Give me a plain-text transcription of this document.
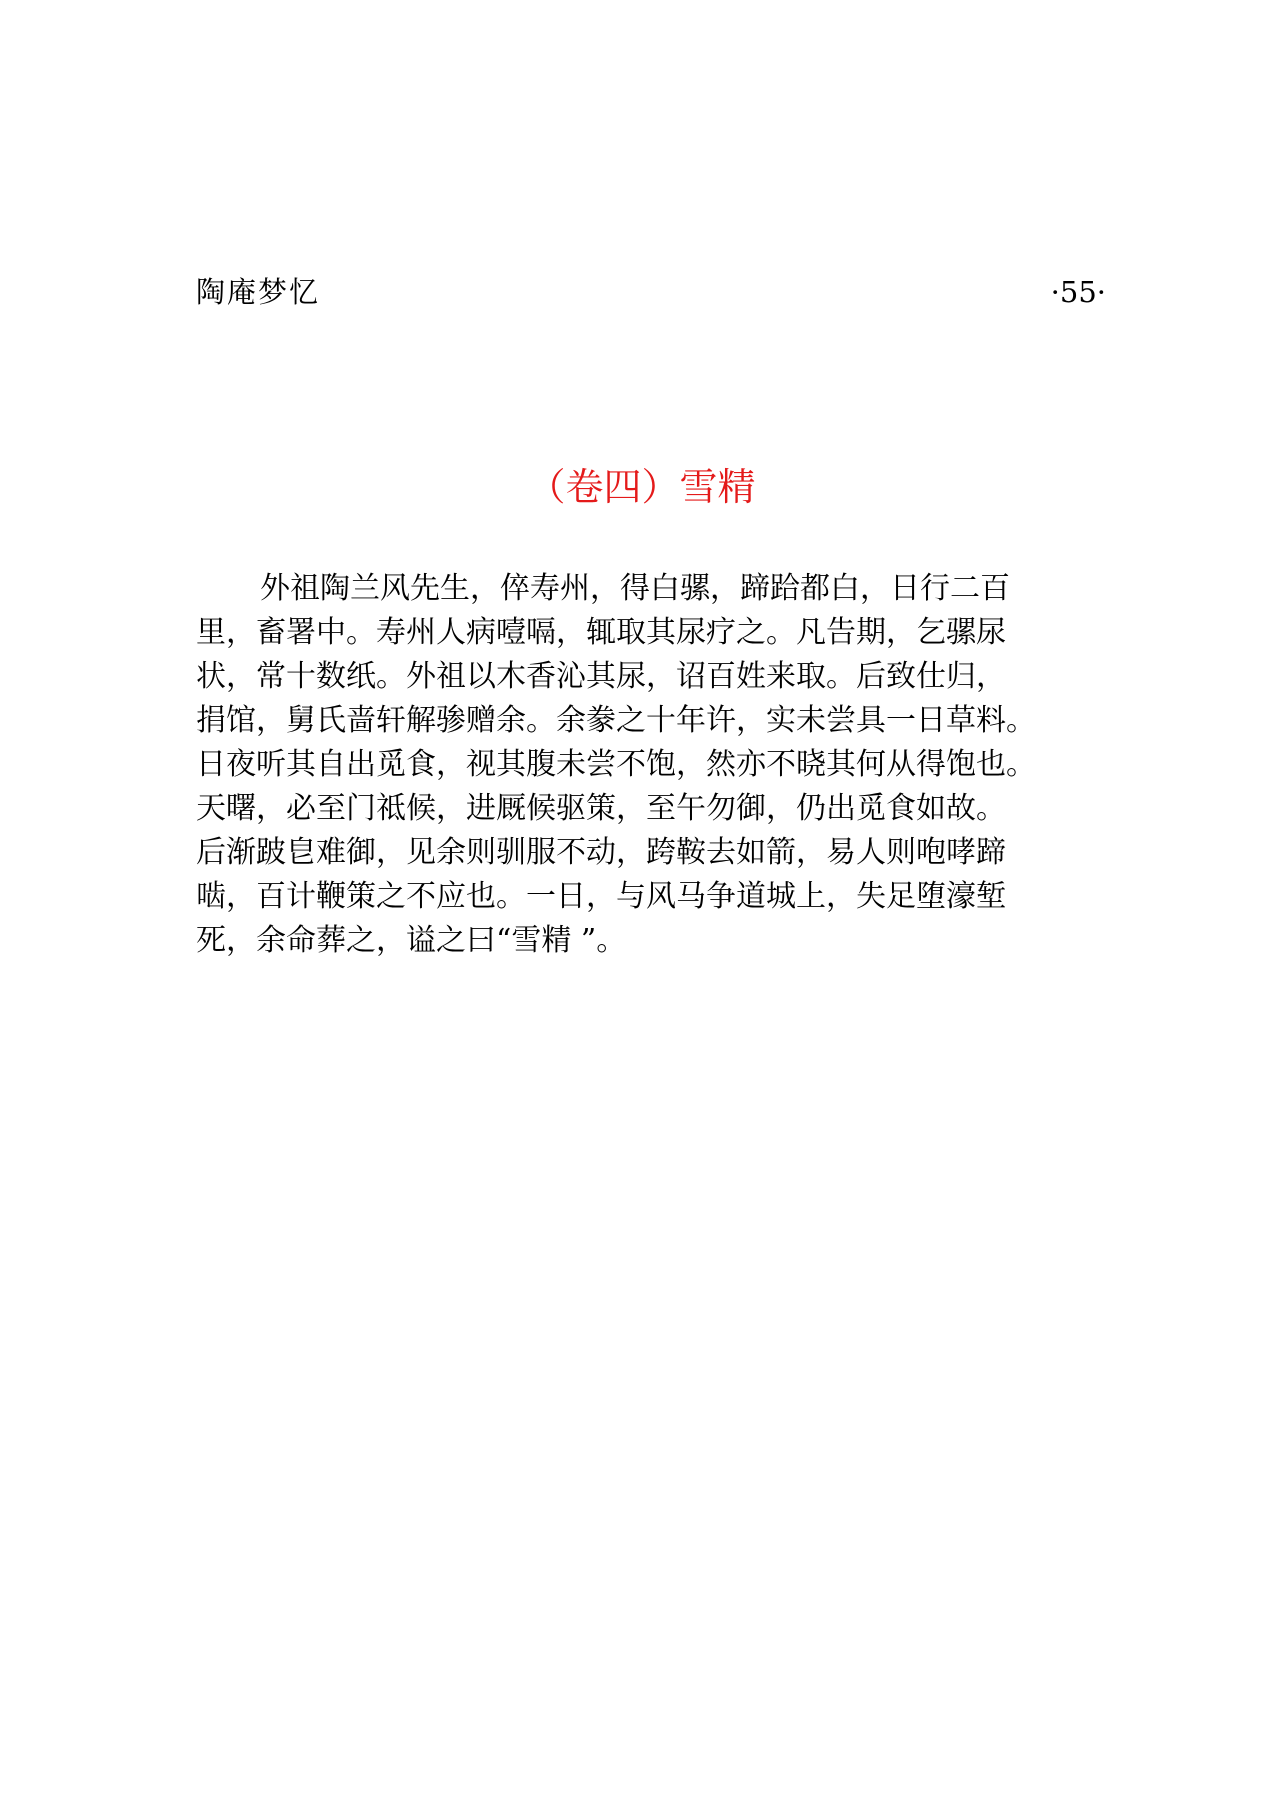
陶庵梦忆	·55·
（卷四）雪精
外祖陶兰风先生，倅寿州，得白骡，蹄跲都白，日行二百
里，畜署中。寿州人病噎嗝，辄取其尿疗之。凡告期，乞骡尿
状，常十数纸。外祖以木香沁其尿，诏百姓来取。后致仕归，
捐馆，舅氏啬轩解骖赠余。余豢之十年许，实未尝具一日草料。
日夜听其自出觅食，视其腹未尝不饱，然亦不晓其何从得饱也。
天曙，必至门祗候，进厩候驱策，至午勿御，仍出觅食如故。
后渐跛皀难御，见余则驯服不动，跨鞍去如箭，易人则咆哮蹄
啮，百计鞭策之不应也。一日，与风马争道城上，失足堕濠堑
死，余命葬之，谥之曰“雪精 ”。
